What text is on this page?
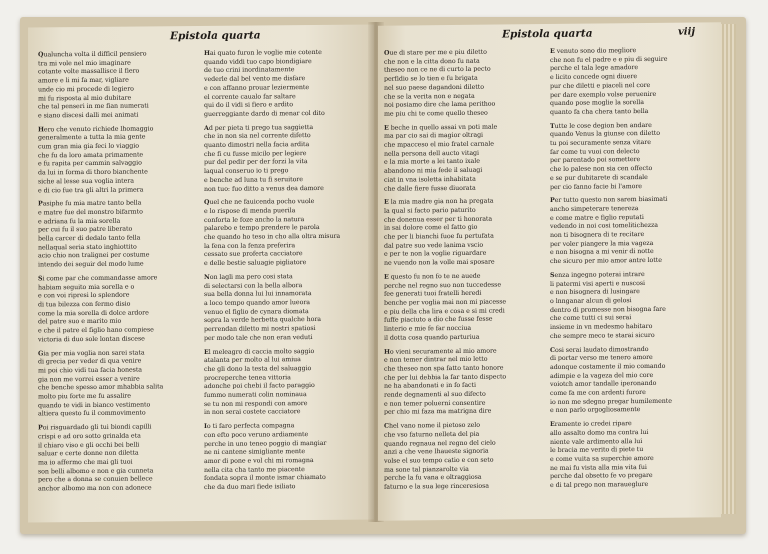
Epistola quarta
Qualuncha volta il difficil pensiero
tra mi vole nel mio imaginare
cotante volte massallisce il fiero
amore e li mi fa mar, vigliare
unde cio mi procede di legiero
mi fu risposta al mio dubitare
che tal penseri in me fian numerati
e siano discesi dalli mei animati
Hero che venuto richiede lhomaggio
generalmente a tutta la mia gente
cum gran mia gia feci lo viaggio
che fu da loro amata primamente
e fu rapita per cammin salvaggio
da lui in forma di thoro bianchente
siche al lesse sua voglia intera
e di cio fue tra gli altri la primera
Pasiphe fu mia matre tanto bella
e matre fue del monstro bifarmto
e adriana fu la mia sorella
per cui fu il suo patre liberato
bella carcer di dedalo tanto fella
nellaqual seria stato inghiottito
acio chio non tralignei per costume
intendo dei seguir del modo lume
Si come par che commandasse amore
habiam seguito mia sorella e o
e con voi ripresi lo splendore
di tua bilezza con fermo disio
come la mia sorella di dolce ardore
del patre suo e marito mio
e che il patre el figlio hano compiese
victoria di duo sole lontan discese
Gia per mia voglia non sarei stata
di grecia per veder di qua venire
mi poi chio vidi tua facia honesta
gia non me vorrei esser a venire
che benche spesso amor mhabbia salita
molto piu forte me fu assalire
quando te vidi in bianco vestimento
altiera questo fu il commovimento
Poi risguardado gli tui biondi capilli
crispi e ad oro sotto grinalda eta
il chiaro viso e gli occhi bei belli
saluar e certe donne non diletta
ma io affermo che mai gli tuoi
son belli albomo e non e gia cunneta
pero che a donna se conuien bellece
anchor albomo ma non con adonece
Hai quato furon le voglie mie cotente
quando viddi tuo capo biondigiare
de tuo crini inordinatamente
vederle dal bel vento me disfare
e con affanno prouar leziermente
el corrente caualo far saltare
qui do il vidi si fiero e ardito
guerreggiante dardo di menar col dito
Ad per pieta ti prego tua saggietta
che in non sia nel corrente difetto
quanto dimostri nella facia ardita
che fi cu fusse micilo per legiere
pur del pedir per der forzi la vita
laqual conseruo io ti prego
e benche ad luna tu fi seruitore
non tuo: fuo ditto a venus dea damore
Quel che ne fauicenda pocho vuole
e lo rispose di menda puerila
conforta le foze ancho la natura
palarebo e tempo prendere le parola
che quando ho teso in cho alla oltra misura
la fena con la fenza preferira
cessato sue proferta cacciatore
e delle bestie saluagie pigliatore
Non lagli ma pero cosi stata
di selectarsi con la bella albora
sua bella donna lui lui innamorata
a loco tempo quando amor lueora
venuo el figlio de cynara diomata
sopra la verde herbetta qualche hora
perrendan diletto mi nostri spatiosi
per modo tale che non eran veduti
El meleagro di caccia molto saggio
atalanta per molto al lui amiua
che gli dono la testa del saluaggio
procreperche tenea vittoria
adonche poi chebi il facto paraggio
fummo numerati colin nominaua
se tu non mi respondi con amore
in non serai costete cacciatore
Io ti faro perfecta compagna
con efto poco veruno ardiamente
perche in uno teneo poggio di mangiar
ne ni cantene simigliante mente
amor di pone e vol chi mi romagna
nella cita cha tanto me piacente
fondata sopra il monte ismar chiamato
che da duo mari fiede isiliato
Epistola quarta	viij
Oue di stare per me e piu diletto
che non e la citta dono fu nata
theseo non ce ne di curto la pecto
perfidio se lo tien e fu brigata
nel suo paese dagandoni diletto
che se la verita non e negata
noi posiamo dire che lama perithoo
me piu chi te come quello theseo
E beche in quello assai vn poti male
ma par cio sai di magior oltragi
che mpacceso el mio fratel carnale
nella persona dell aucto vitagi
e la mia morte a lei tanto ixale
abandono ni mia fede il saluagi
ciat in vna isoletta inhabitata
che dalle fiere fusse diuorata
E la mia madre gia non ha pregata
la qual si facto pario paturito
che donenua esser per ti honorata
in sai dolore come el fatto gio
che per li bianchi fuoe fu pertufata
dal patre suo vede lanima vscio
e per te non la voglie riguardare
ne vuendo non la volle mai sposare
E questo fu non fo te ne auede
perche nel regno suo non tuccedesse
fee generati tuoi fratelli heredi
benche per voglia mai non mi piacesse
e piu della cha lira e cosa e si mi credi
fuffe piaciuto a dio che fusse fesse
linterio e mie fe far nocciua
il dotta cosa quando parturiua
Ho vieni securamente al mio amore
e non temer dintrar nel mio letto
che theseo non spa fatto tanto honore
che per lui debbia la far tanto dispecto
ne ha abandonati e in fo facti
rende degnamenti al suo difecto
e non temer poluerni consentire
per chio mi faza ma matrigna dire
Chel vano nome il pietoso zelo
che vso faturno nelleta del pia
quando regnaua nel regno del cielo
anzi a che vene lhaueste signoria
volse el suo tempo catio e con seto
ma sone tal pianzarolte via
perche la fu vana e oltraggiosa
faturno e la sua lege rinceresiosa
E venuto sono dio megliore
che non fu el padre e e piu di seguire
perche el tala lege amadore
e licito concede ogni diuere
pur che diletti e piaceli nel core
per dare exemplo volse peruenire
quando pose moglie la sorella
quanto fa cha chera tanto bella
Tutte le cose degion ben andare
quando Venus la giunse con diletto
tu poi securamente senza vitare
far come tu vuoi con delecto
per parentado poi somettere
che lo palese non sia cen offecto
e se pur dubitarete di scandale
per cio fanno facie bi l'amore
Per tutto questo non sarem biasimati
ancho simpeterare tenereza
e come matre e figlio reputati
vedendo in noi cosi tomelitichezza
non ti bisognera di te recitare
per voler piangere la mia vageza
e non bisogna a mi venir di notte
che sicuro per mio amor antre lotte
Senza ingegno poterai intrare
li patermi visi aperti e nuscosi
e non bisognera di lusingare
o lnnganar alcun di gelosi
dentro di promesse non bisogna fare
che come tutti ci sui serai
insieme in vn medesmo habitaro
che sempre meco te starai sicuro
Cosi serai laudato dimostrando
di portar verso me tenero amore
adonque costamente il mio comando
adimpie e la vageza del mio core
voiotch amor tandalle iperonando
come fa me con ardenti furore
io non me sdegno pregar humilemente
e non parlo orgogliosamente
Eramente io credei ripare
allo assalto domo ma contra lui
niente vale ardimento alla lui
le bracia me verito di piete tu
e come vuita sa superchie amore
ne mai fu vista alla mia vita fui
perche dal obsetto fe vo pregare
e di tal prego non maraueglure
